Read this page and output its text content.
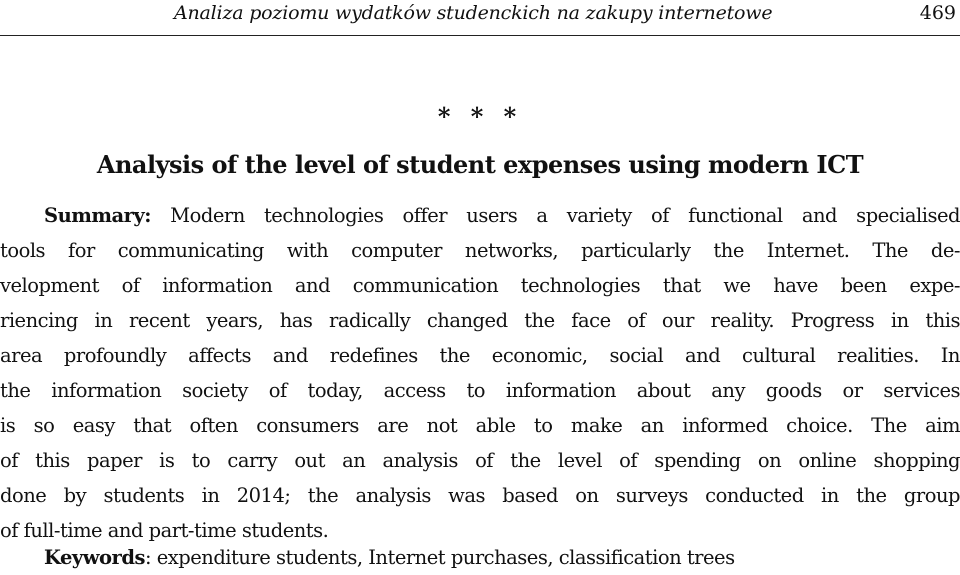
Analiza poziomu wydatków studenckich na zakupy internetowe	469
* * *
Analysis of the level of student expenses using modern ICT
Summary: Modern technologies offer users a variety of functional and specialised
tools for communicating with computer networks, particularly the Internet. The de-
velopment of information and communication technologies that we have been expe-
riencing in recent years, has radically changed the face of our reality. Progress in this
area profoundly affects and redefines the economic, social and cultural realities. In
the information society of today, access to information about any goods or services
is so easy that often consumers are not able to make an informed choice. The aim
of this paper is to carry out an analysis of the level of spending on online shopping
done by students in 2014; the analysis was based on surveys conducted in the group
of full-time and part-time students.
Keywords: expenditure students, Internet purchases, classification trees
